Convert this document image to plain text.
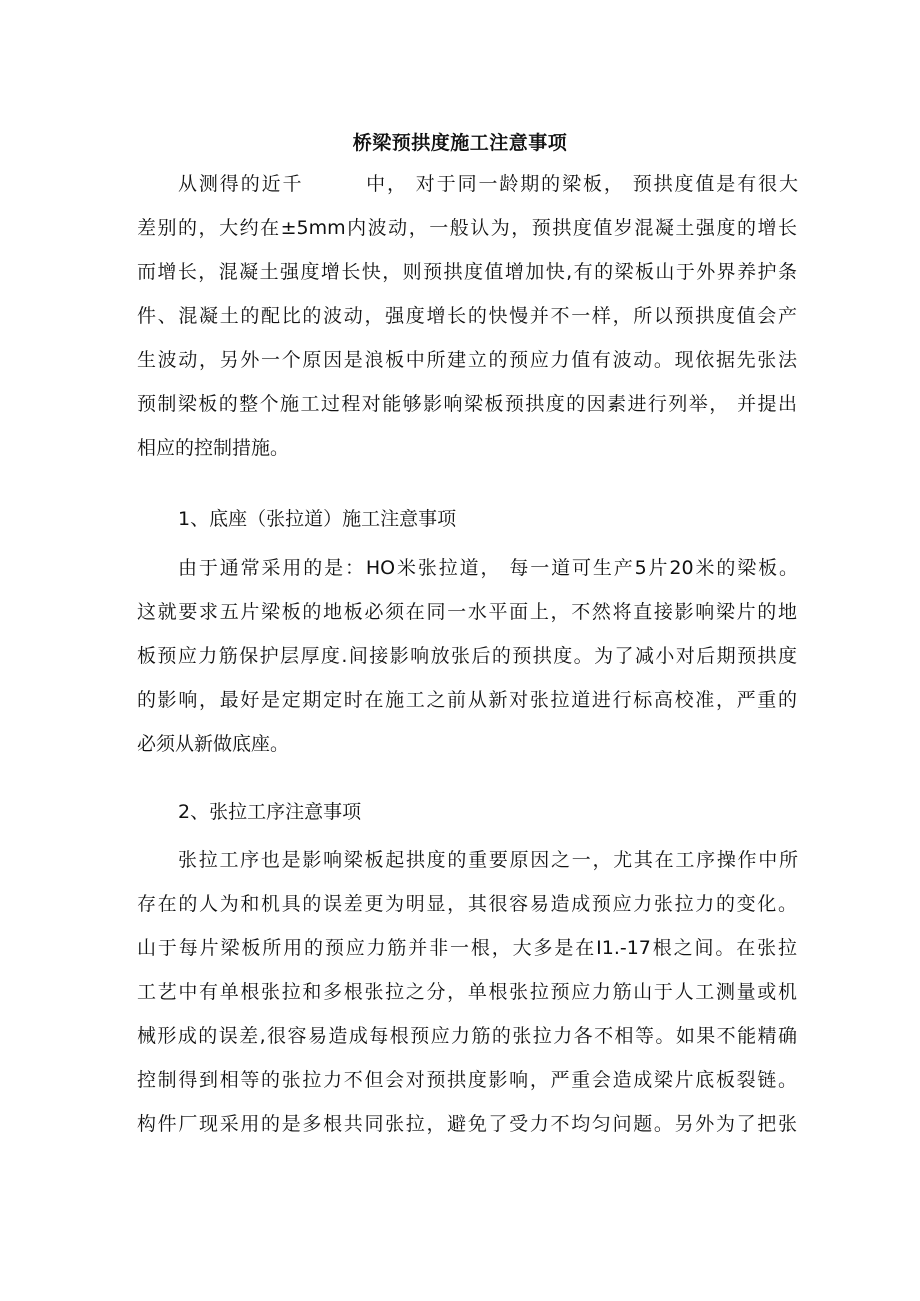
桥梁预拱度施工注意事项
从测得的近千　　　中， 对于同一龄期的梁板， 预拱度值是有很大
差别的，大约在±5mm内波动，一般认为，预拱度值岁混凝土强度的增长
而增长，混凝土强度增长快，则预拱度值增加快,有的梁板山于外界养护条
件、混凝土的配比的波动，强度增长的快慢并不一样，所以预拱度值会产
生波动，另外一个原因是浪板中所建立的预应力值有波动。现依据先张法
预制梁板的整个施工过程对能够影响梁板预拱度的因素进行列举， 并提出
相应的控制措施。
1、底座（张拉道）施工注意事项
由于通常采用的是：HO米张拉道， 每一道可生产5片20米的梁板。
这就要求五片梁板的地板必须在同一水平面上，不然将直接影响梁片的地
板预应力筋保护层厚度.间接影响放张后的预拱度。为了减小对后期预拱度
的影响，最好是定期定时在施工之前从新对张拉道进行标高校准，严重的
必须从新做底座。
2、张拉工序注意事项
张拉工序也是影响梁板起拱度的重要原因之一，尤其在工序操作中所
存在的人为和机具的误差更为明显，其很容易造成预应力张拉力的变化。
山于每片梁板所用的预应力筋并非一根，大多是在I1.-17根之间。在张拉
工艺中有单根张拉和多根张拉之分，单根张拉预应力筋山于人工测量或机
械形成的误差,很容易造成每根预应力筋的张拉力各不相等。如果不能精确
控制得到相等的张拉力不但会对预拱度影响，严重会造成梁片底板裂链。
构件厂现采用的是多根共同张拉，避免了受力不均匀问题。另外为了把张
